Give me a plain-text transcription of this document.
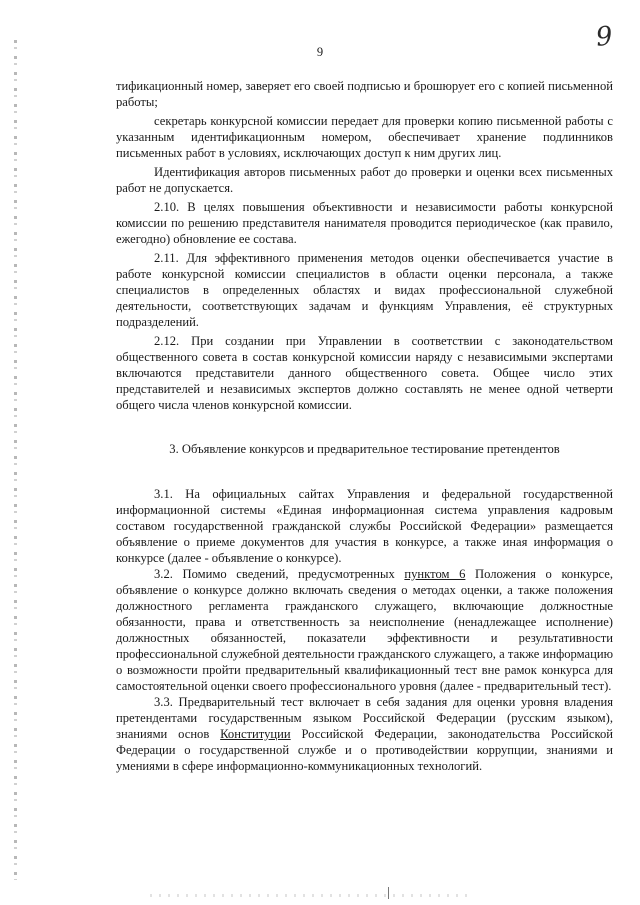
9	9

тификационный номер, заверяет его своей подписью и брошюрует его с копией письменной работы;

секретарь конкурсной комиссии передает для проверки копию письменной работы с указанным идентификационным номером, обеспечивает хранение подлинников письменных работ в условиях, исключающих доступ к ним других лиц.

Идентификация авторов письменных работ до проверки и оценки всех письменных работ не допускается.

2.10. В целях повышения объективности и независимости работы конкурсной комиссии по решению представителя нанимателя проводится периодическое (как правило, ежегодно) обновление ее состава.

2.11. Для эффективного применения методов оценки обеспечивается участие в работе конкурсной комиссии специалистов в области оценки персонала, а также специалистов в определенных областях и видах профессиональной служебной деятельности, соответствующих задачам и функциям Управления, её структурных подразделений.

2.12. При создании при Управлении в соответствии с законодательством общественного совета в состав конкурсной комиссии наряду с независимыми экспертами включаются представители данного общественного совета. Общее число этих представителей и независимых экспертов должно составлять не менее одной четверти общего числа членов конкурсной комиссии.

3. Объявление конкурсов и предварительное тестирование претендентов

3.1. На официальных сайтах Управления и федеральной государственной информационной системы «Единая информационная система управления кадровым составом государственной гражданской службы Российской Федерации» размещается объявление о приеме документов для участия в конкурсе, а также иная информация о конкурсе (далее - объявление о конкурсе).

3.2. Помимо сведений, предусмотренных пунктом 6 Положения о конкурсе, объявление о конкурсе должно включать сведения о методах оценки, а также положения должностного регламента гражданского служащего, включающие должностные обязанности, права и ответственность за неисполнение (ненадлежащее исполнение) должностных обязанностей, показатели эффективности и результативности профессиональной служебной деятельности гражданского служащего, а также информацию о возможности пройти предварительный квалификационный тест вне рамок конкурса для самостоятельной оценки своего профессионального уровня (далее - предварительный тест).

3.3. Предварительный тест включает в себя задания для оценки уровня владения претендентами государственным языком Российской Федерации (русским языком), знаниями основ Конституции Российской Федерации, законодательства Российской Федерации о государственной службе и о противодействии коррупции, знаниями и умениями в сфере информационно-коммуникационных технологий.
